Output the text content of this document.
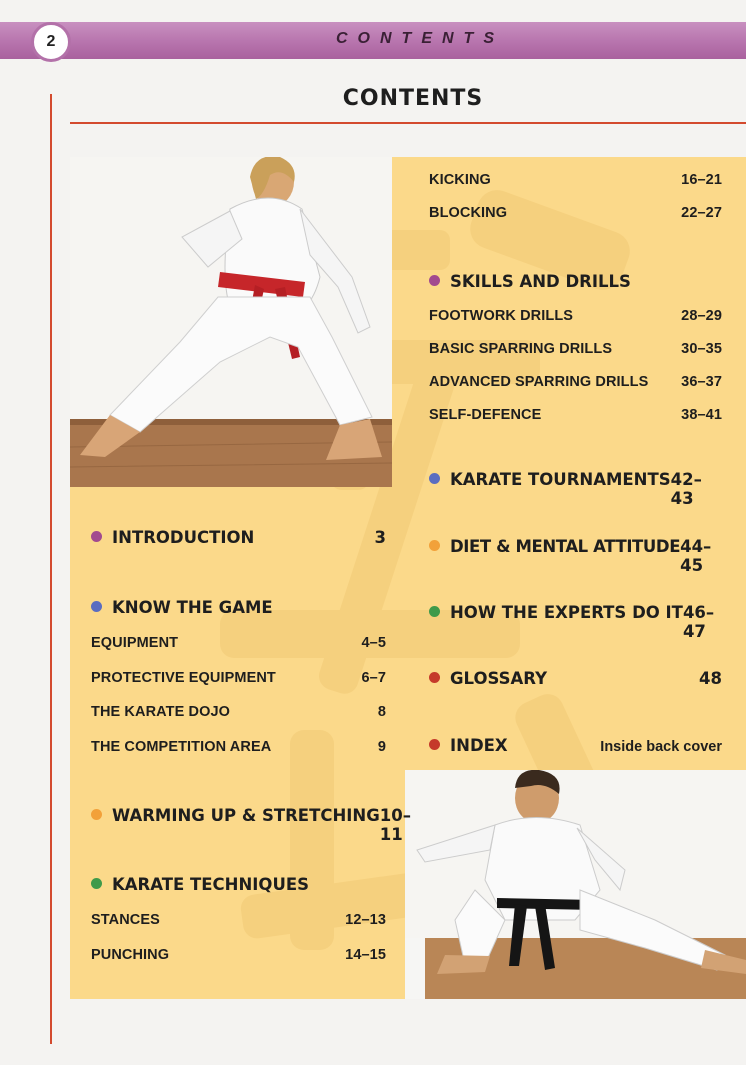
2	CONTENTS
CONTENTS
INTRODUCTION	3
KNOW THE GAME
EQUIPMENT	4–5
PROTECTIVE EQUIPMENT	6–7
THE KARATE DOJO	8
THE COMPETITION AREA	9
WARMING UP & STRETCHING 10–11
KARATE TECHNIQUES
STANCES	12–13
PUNCHING	14–15
KICKING	16–21
BLOCKING	22–27
SKILLS AND DRILLS
FOOTWORK DRILLS	28–29
BASIC SPARRING DRILLS	30–35
ADVANCED SPARRING DRILLS 36–37
SELF-DEFENCE	38–41
KARATE TOURNAMENTS 42–43
DIET & MENTAL ATTITUDE 44–45
HOW THE EXPERTS DO IT 46–47
GLOSSARY	48
INDEX	Inside back cover
